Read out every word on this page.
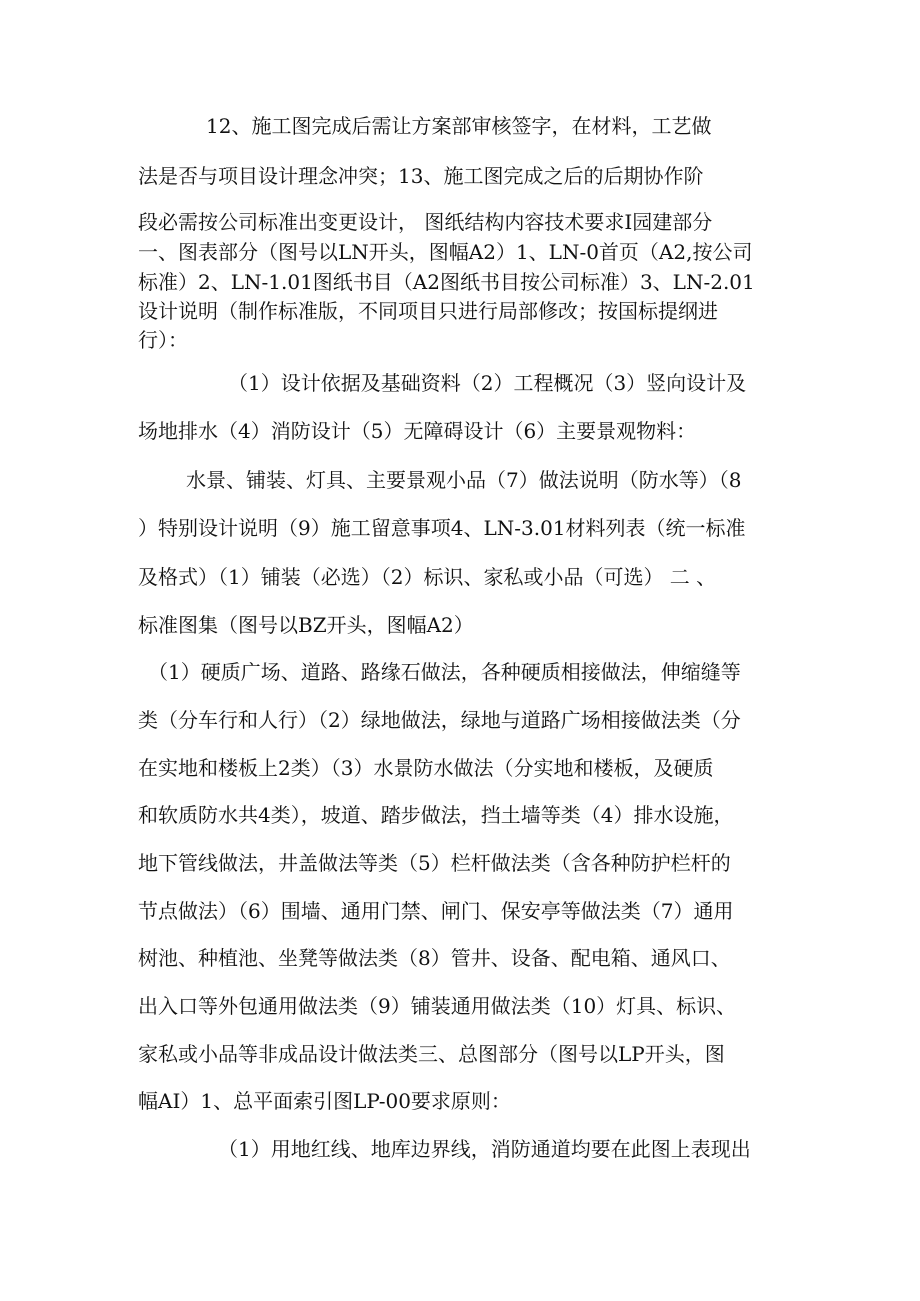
12、施工图完成后需让方案部审核签字，在材料，工艺做

法是否与项目设计理念冲突；13、施工图完成之后的后期协作阶

段必需按公司标准出变更设计， 图纸结构内容技术要求Ⅰ园建部分

一、图表部分（图号以LN开头，图幅A2）1、LN-0首页（A2,按公司

标准）2、LN-1.01图纸书目（A2图纸书目按公司标准）3、LN-2.01

设计说明（制作标准版，不同项目只进行局部修改；按国标提纲进

行）：

（1）设计依据及基础资料（2）工程概况（3）竖向设计及

场地排水（4）消防设计（5）无障碍设计（6）主要景观物料：

水景、铺装、灯具、主要景观小品（7）做法说明（防水等）（8

）特别设计说明（9）施工留意事项4、LN-3.01材料列表（统一标准

及格式）（1）铺装（必选）（2）标识、家私或小品（可选） 二 、

标准图集（图号以BZ开头，图幅A2）

（1）硬质广场、道路、路缘石做法，各种硬质相接做法，伸缩缝等

类（分车行和人行）（2）绿地做法，绿地与道路广场相接做法类（分

在实地和楼板上2类）（3）水景防水做法（分实地和楼板，及硬质

和软质防水共4类），坡道、踏步做法，挡土墙等类（4）排水设施，

地下管线做法，井盖做法等类（5）栏杆做法类（含各种防护栏杆的

节点做法）（6）围墙、通用门禁、闸门、保安亭等做法类（7）通用

树池、种植池、坐凳等做法类（8）管井、设备、配电箱、通风口、

出入口等外包通用做法类（9）铺装通用做法类（10）灯具、标识、

家私或小品等非成品设计做法类三、总图部分（图号以LP开头，图

幅AI）1、总平面索引图LP-00要求原则：

（1）用地红线、地库边界线，消防通道均要在此图上表现出
